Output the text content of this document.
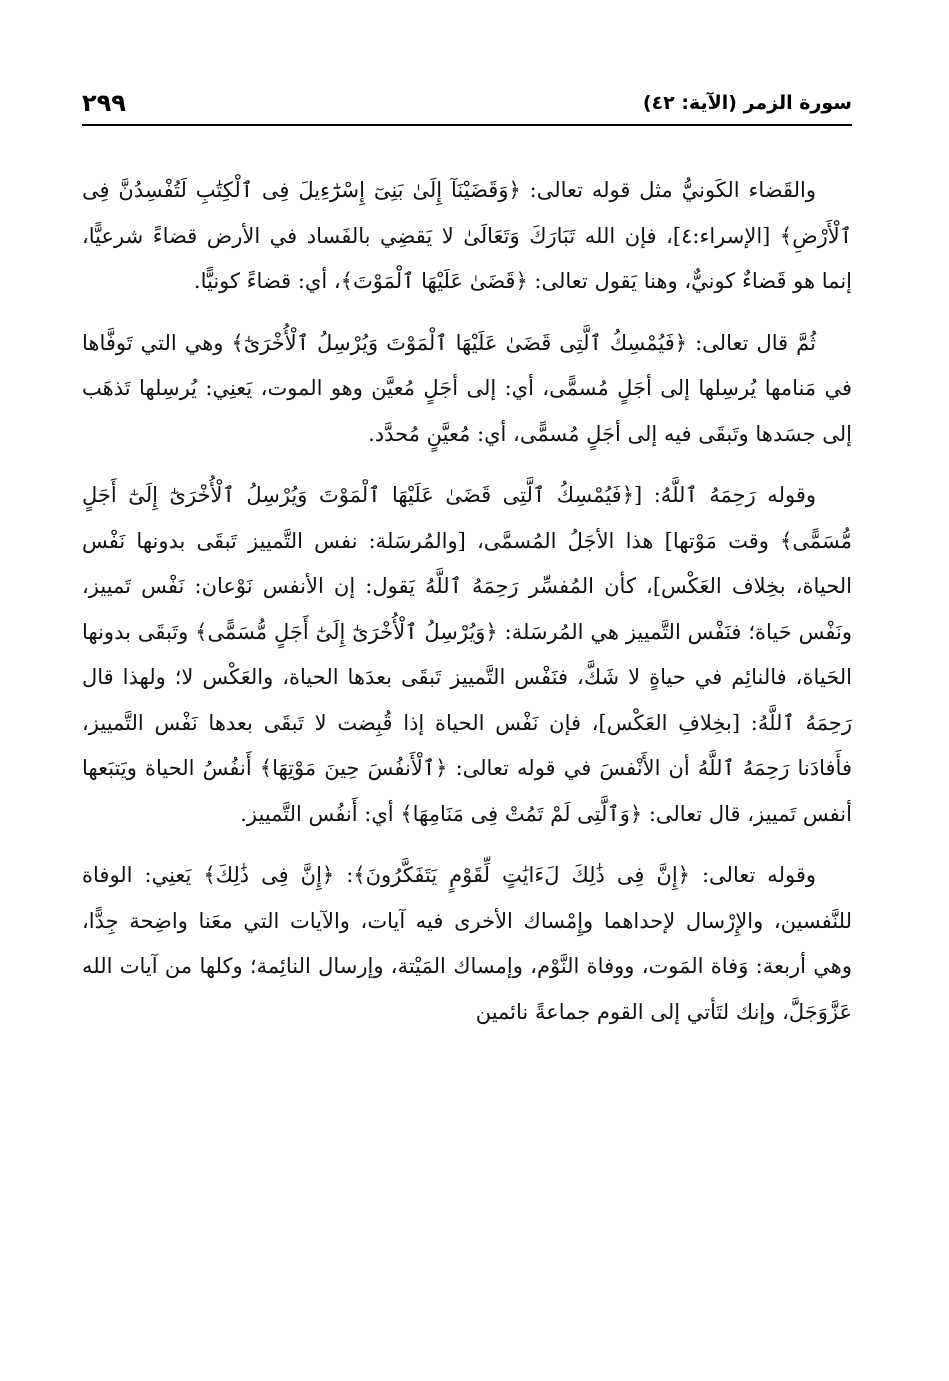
٢٩٩	سورة الزمر (الآية: ٤٢)

والقَضاء الكَونيُّ مثل قوله تعالى: ﴿وَقَضَيْنَآ إِلَىٰ بَنِىٓ إِسْرَٰٓءِيلَ فِى ٱلْكِتَٰبِ لَتُفْسِدُنَّ فِى ٱلْأَرْضِ﴾ [الإسراء:٤]، فإن الله تَبَارَكَ وَتَعَالَىٰ لا يَقضِي بالفَساد في الأرض قضاءً شرعيًّا، إنما هو قَضاءٌ كونيٌّ، وهنا يَقول تعالى: ﴿قَضَىٰ عَلَيْهَا ٱلْمَوْتَ﴾، أي: قضاءً كونيًّا.

ثُمَّ قال تعالى: ﴿فَيُمْسِكُ ٱلَّتِى قَضَىٰ عَلَيْهَا ٱلْمَوْتَ وَيُرْسِلُ ٱلْأُخْرَىٰٓ﴾ وهي التي تَوفَّاها في مَنامها يُرسِلها إلى أجَلٍ مُسمًّى، أي: إلى أجَلٍ مُعيَّن وهو الموت، يَعنِي: يُرسِلها تَذهَب إلى جسَدها وتَبقَى فيه إلى أجَلٍ مُسمًّى، أي: مُعيَّنٍ مُحدَّد.

وقوله رَحِمَهُ ٱللَّهُ: [﴿فَيُمْسِكُ ٱلَّتِى قَضَىٰ عَلَيْهَا ٱلْمَوْتَ وَيُرْسِلُ ٱلْأُخْرَىٰٓ إِلَىٰٓ أَجَلٍ مُّسَمًّى﴾ وقت مَوْتها] هذا الأجَلُ المُسمَّى، [والمُرسَلة: نفس التَّمييز تَبقَى بدونها نَفْس الحياة، بخِلاف العَكْس]، كأن المُفسِّر رَحِمَهُ ٱللَّهُ يَقول: إن الأنفس نَوْعان: نَفْس تَمييز، ونَفْس حَياة؛ فنَفْس التَّمييز هي المُرسَلة: ﴿وَيُرْسِلُ ٱلْأُخْرَىٰٓ إِلَىٰٓ أَجَلٍ مُّسَمًّى﴾ وتَبقَى بدونها الحَياة، فالنائِم في حياةٍ لا شَكَّ، فنَفْس التَّمييز تَبقَى بعدَها الحياة، والعَكْس لا؛ ولهذا قال رَحِمَهُ ٱللَّهُ: [بخِلافِ العَكْس]، فإن نَفْس الحياة إذا قُبِضت لا تَبقَى بعدها نَفْس التَّمييز، فأَفادَنا رَحِمَهُ ٱللَّهُ أن الأَنْفسَ في قوله تعالى: ﴿ٱلْأَنفُسَ حِينَ مَوْتِهَا﴾ أَنفُسُ الحياة ويَتبَعها أنفس تَمييز، قال تعالى: ﴿وَٱلَّتِى لَمْ تَمُتْ فِى مَنَامِهَا﴾ أي: أَنفُس التَّمييز.

وقوله تعالى: ﴿إِنَّ فِى ذَٰلِكَ لَءَايَٰتٍ لِّقَوْمٍ يَتَفَكَّرُونَ﴾: ﴿إِنَّ فِى ذَٰلِكَ﴾ يَعنِي: الوفاة للنَّفسين، والإِرْسال لإحداهما وإِمْساك الأخرى فيه آيات، والآيات التي معَنا واضِحة جِدًّا، وهي أربعة: وَفاة المَوت، ووفاة النَّوْم، وإمساك المَيْتة، وإرسال النائِمة؛ وكلها من آيات الله عَزَّوَجَلَّ، وإنك لتَأتي إلى القوم جماعةً نائمين
